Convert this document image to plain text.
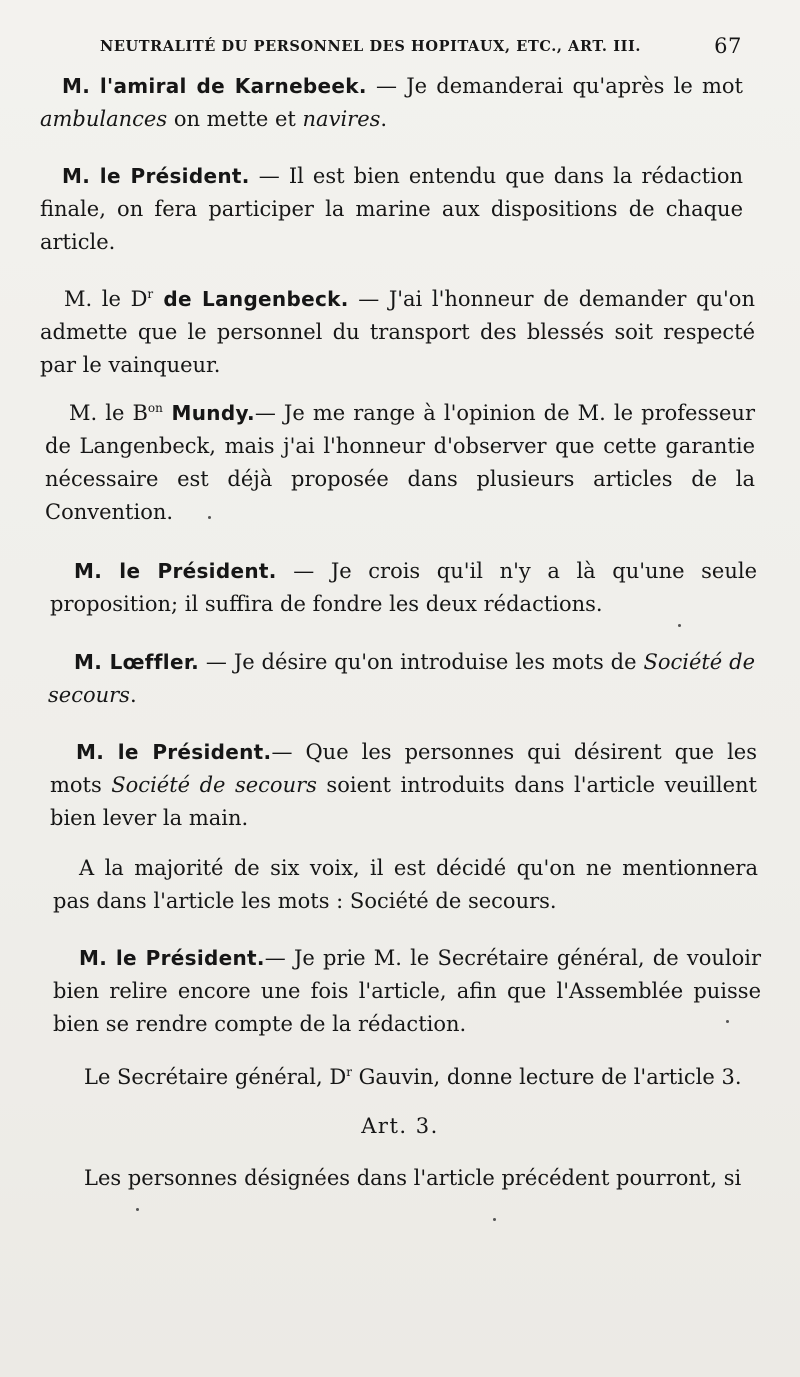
NEUTRALITÉ DU PERSONNEL DES HOPITAUX, ETC., ART. III.	67

M. l'amiral de Karnebeek. — Je demanderai qu'après le mot ambulances on mette et navires.

M. le Président. — Il est bien entendu que dans la rédaction finale, on fera participer la marine aux dispositions de chaque article.

M. le $D^r$ de Langenbeck. — J'ai l'honneur de demander qu'on admette que le personnel du transport des blessés soit respecté par le vainqueur.

M. le $B^{on}$ Mundy.— Je me range à l'opinion de M. le professeur de Langenbeck, mais j'ai l'honneur d'observer que cette garantie nécessaire est déjà proposée dans plusieurs articles de la Convention.

M. le Président. — Je crois qu'il n'y a là qu'une seule proposition; il suffira de fondre les deux rédactions.

M. Lœffler. — Je désire qu'on introduise les mots de Société de secours.

M. le Président.— Que les personnes qui désirent que les mots Société de secours soient introduits dans l'article veuillent bien lever la main.

A la majorité de six voix, il est décidé qu'on ne mentionnera pas dans l'article les mots : Société de secours.

M. le Président.— Je prie M. le Secrétaire général, de vouloir bien relire encore une fois l'article, afin que l'Assemblée puisse bien se rendre compte de la rédaction.

Le Secrétaire général, $D^r$ Gauvin, donne lecture de l'article 3.

Art. 3.

Les personnes désignées dans l'article précédent pourront, si
